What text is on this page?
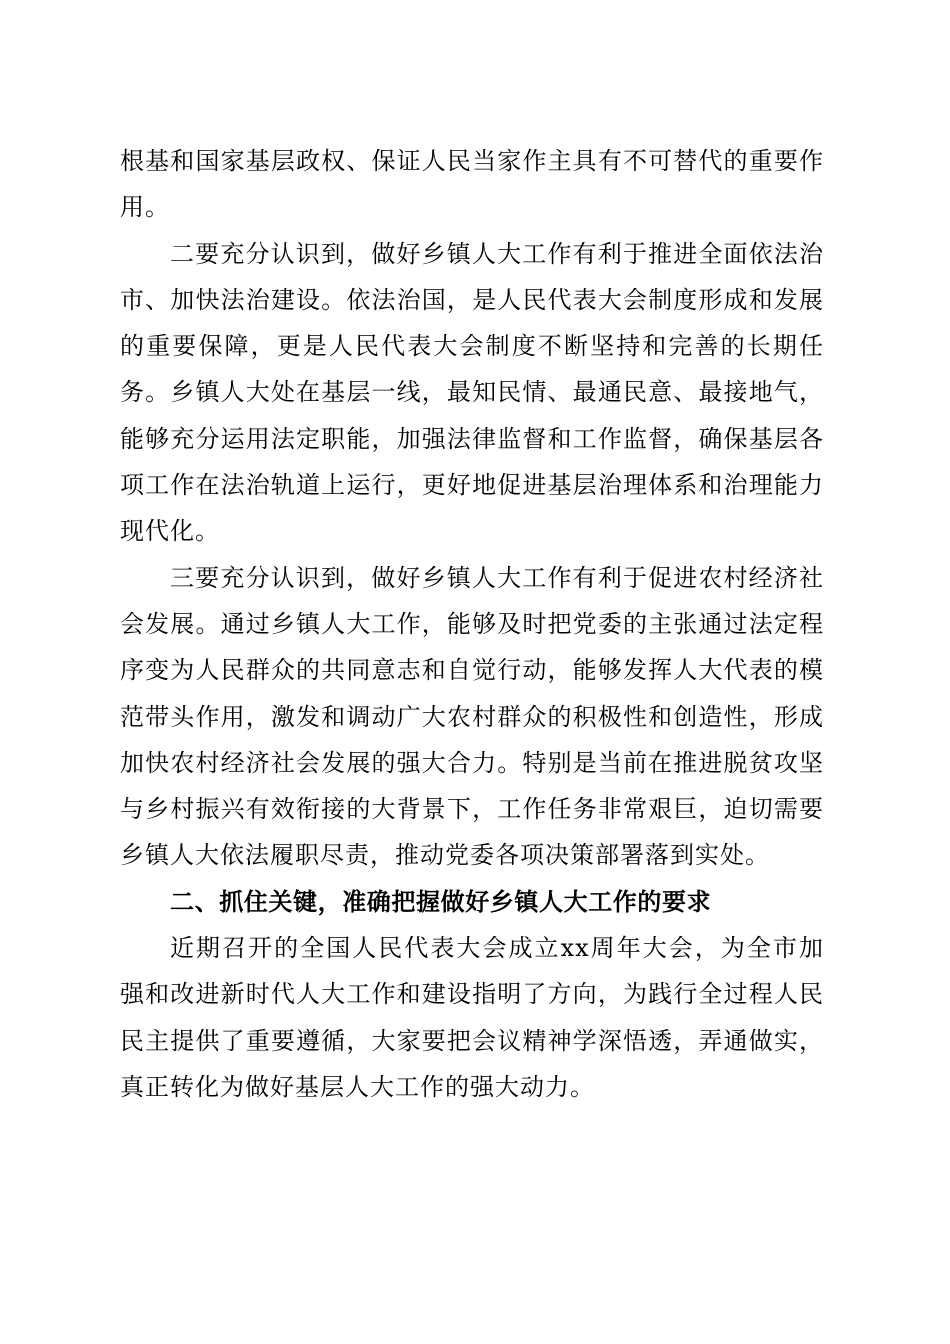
根基和国家基层政权、保证人民当家作主具有不可替代的重要作用。

二要充分认识到，做好乡镇人大工作有利于推进全面依法治市、加快法治建设。依法治国，是人民代表大会制度形成和发展的重要保障，更是人民代表大会制度不断坚持和完善的长期任务。乡镇人大处在基层一线，最知民情、最通民意、最接地气，能够充分运用法定职能，加强法律监督和工作监督，确保基层各项工作在法治轨道上运行，更好地促进基层治理体系和治理能力现代化。

三要充分认识到，做好乡镇人大工作有利于促进农村经济社会发展。通过乡镇人大工作，能够及时把党委的主张通过法定程序变为人民群众的共同意志和自觉行动，能够发挥人大代表的模范带头作用，激发和调动广大农村群众的积极性和创造性，形成加快农村经济社会发展的强大合力。特别是当前在推进脱贫攻坚与乡村振兴有效衔接的大背景下，工作任务非常艰巨，迫切需要乡镇人大依法履职尽责，推动党委各项决策部署落到实处。

二、抓住关键，准确把握做好乡镇人大工作的要求

近期召开的全国人民代表大会成立xx周年大会，为全市加强和改进新时代人大工作和建设指明了方向，为践行全过程人民民主提供了重要遵循，大家要把会议精神学深悟透，弄通做实，真正转化为做好基层人大工作的强大动力。
